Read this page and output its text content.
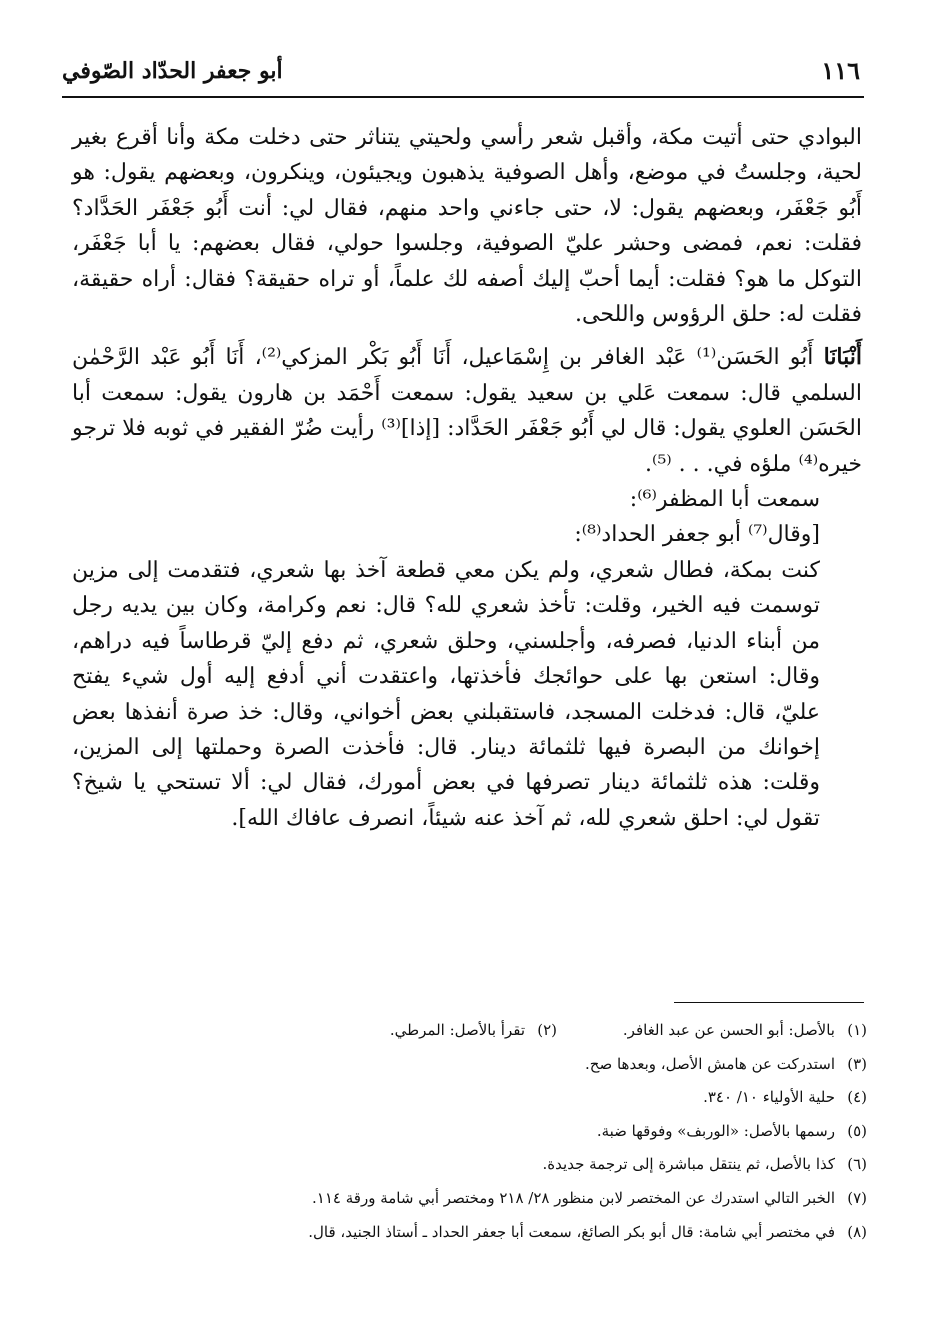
١١٦
أبو جعفر الحدّاد الصّوفي

البوادي حتى أتيت مكة، وأقبل شعر رأسي ولحيتي يتناثر حتى دخلت مكة وأنا أقرع بغير لحية، وجلستُ في موضع، وأهل الصوفية يذهبون ويجيئون، وينكرون، وبعضهم يقول: هو أَبُو جَعْفَر، وبعضهم يقول: لا، حتى جاءني واحد منهم، فقال لي: أنت أَبُو جَعْفَر الحَدَّاد؟ فقلت: نعم، فمضى وحشر عليّ الصوفية، وجلسوا حولي، فقال بعضهم: يا أبا جَعْفَر، التوكل ما هو؟ فقلت: أيما أحبّ إليك أصفه لك علماً، أو تراه حقيقة؟ فقال: أراه حقيقة، فقلت له: حلق الرؤوس واللحى.

أَنْبَانَا أَبُو الحَسَن⁽¹⁾ عَبْد الغافر بن إِسْمَاعيل، أَنَا أَبُو بَكْر المزكي⁽²⁾، أَنَا أَبُو عَبْد الرَّحْمٰن السلمي قال: سمعت عَلي بن سعيد يقول: سمعت أَحْمَد بن هارون يقول: سمعت أبا الحَسَن العلوي يقول: قال لي أَبُو جَعْفَر الحَدَّاد: [إذا]⁽³⁾ رأيت ضُرّ الفقير في ثوبه فلا ترجو خيره⁽⁴⁾ ملؤه في. . . ⁽⁵⁾.

سمعت أبا المظفر⁽⁶⁾:

[وقال⁽⁷⁾ أبو جعفر الحداد⁽⁸⁾:

كنت بمكة، فطال شعري، ولم يكن معي قطعة آخذ بها شعري، فتقدمت إلى مزين توسمت فيه الخير، وقلت: تأخذ شعري لله؟ قال: نعم وكرامة، وكان بين يديه رجل من أبناء الدنيا، فصرفه، وأجلسني، وحلق شعري، ثم دفع إليّ قرطاساً فيه دراهم، وقال: استعن بها على حوائجك فأخذتها، واعتقدت أني أدفع إليه أول شيء يفتح عليّ، قال: فدخلت المسجد، فاستقبلني بعض أخواني، وقال: خذ صرة أنفذها بعض إخوانك من البصرة فيها ثلثمائة دينار. قال: فأخذت الصرة وحملتها إلى المزين، وقلت: هذه ثلثمائة دينار تصرفها في بعض أمورك، فقال لي: ألا تستحي يا شيخ؟ تقول لي: احلق شعري لله، ثم آخذ عنه شيئاً، انصرف عافاك الله].

(١)بالأصل: أبو الحسن عن عبد الغافر.
(٢)تقرأ بالأصل: المرطي.
(٣)
استدركت عن هامش الأصل، وبعدها صح.
(٤)
حلية الأولياء ١٠/ ٣٤٠.
(٥)
رسمها بالأصل: «الوربف» وفوقها ضبة.
(٦)
كذا بالأصل، ثم ينتقل مباشرة إلى ترجمة جديدة.
(٧)
الخبر التالي استدرك عن المختصر لابن منظور ٢٨/ ٢١٨ ومختصر أبي شامة ورقة ١١٤.
(٨)
في مختصر أبي شامة: قال أبو بكر الصائغ، سمعت أبا جعفر الحداد ـ أستاذ الجنيد، قال.
